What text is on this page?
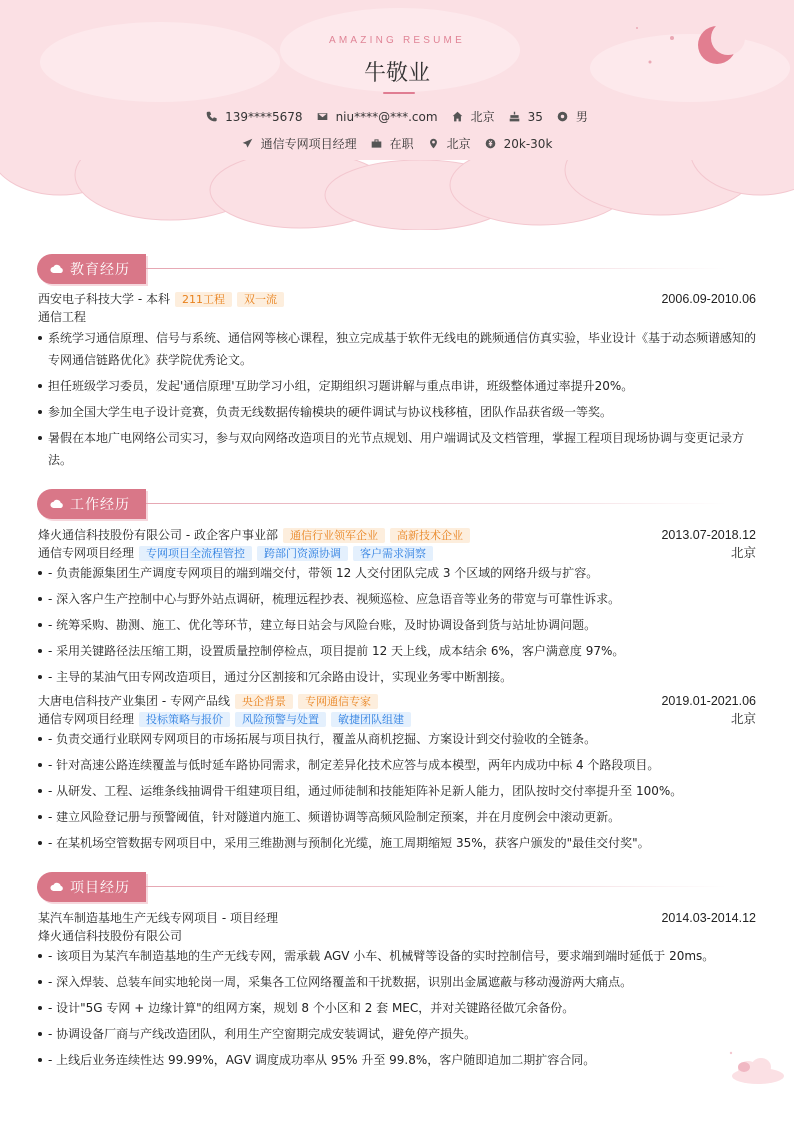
AMAZING RESUME
牛敬业
139****5678	niu****@***.com	北京	35	男
通信专网项目经理	在职	北京	20k-30k
教育经历
西安电子科技大学 - 本科	211工程	双一流	2006.09-2010.06
通信工程
系统学习通信原理、信号与系统、通信网等核心课程，独立完成基于软件无线电的跳频通信仿真实验，毕业设计《基于动态频谱感知的专网通信链路优化》获学院优秀论文。
担任班级学习委员，发起'通信原理'互助学习小组，定期组织习题讲解与重点串讲，班级整体通过率提升20%。
参加全国大学生电子设计竞赛，负责无线数据传输模块的硬件调试与协议栈移植，团队作品获省级一等奖。
暑假在本地广电网络公司实习，参与双向网络改造项目的光节点规划、用户端调试及文档管理，掌握工程项目现场协调与变更记录方法。
工作经历
烽火通信科技股份有限公司 - 政企客户事业部	通信行业领军企业	高新技术企业	2013.07-2018.12
通信专网项目经理	专网项目全流程管控	跨部门资源协调	客户需求洞察	北京
- 负责能源集团生产调度专网项目的端到端交付，带领 12 人交付团队完成 3 个区域的网络升级与扩容。
- 深入客户生产控制中心与野外站点调研，梳理远程抄表、视频巡检、应急语音等业务的带宽与可靠性诉求。
- 统筹采购、勘测、施工、优化等环节，建立每日站会与风险台账，及时协调设备到货与站址协调问题。
- 采用关键路径法压缩工期，设置质量控制停检点，项目提前 12 天上线，成本结余 6%，客户满意度 97%。
- 主导的某油气田专网改造项目，通过分区割接和冗余路由设计，实现业务零中断割接。
大唐电信科技产业集团 - 专网产品线	央企背景	专网通信专家	2019.01-2021.06
通信专网项目经理	投标策略与报价	风险预警与处置	敏捷团队组建	北京
- 负责交通行业联网专网项目的市场拓展与项目执行，覆盖从商机挖掘、方案设计到交付验收的全链条。
- 针对高速公路连续覆盖与低时延车路协同需求，制定差异化技术应答与成本模型，两年内成功中标 4 个路段项目。
- 从研发、工程、运维条线抽调骨干组建项目组，通过师徒制和技能矩阵补足新人能力，团队按时交付率提升至 100%。
- 建立风险登记册与预警阈值，针对隧道内施工、频谱协调等高频风险制定预案，并在月度例会中滚动更新。
- 在某机场空管数据专网项目中，采用三维勘测与预制化光缆，施工周期缩短 35%，获客户颁发的"最佳交付奖"。
项目经历
某汽车制造基地生产无线专网项目 - 项目经理	2014.03-2014.12
烽火通信科技股份有限公司
- 该项目为某汽车制造基地的生产无线专网，需承载 AGV 小车、机械臂等设备的实时控制信号，要求端到端时延低于 20ms。
- 深入焊装、总装车间实地轮岗一周，采集各工位网络覆盖和干扰数据，识别出金属遮蔽与移动漫游两大痛点。
- 设计"5G 专网 + 边缘计算"的组网方案，规划 8 个小区和 2 套 MEC，并对关键路径做冗余备份。
- 协调设备厂商与产线改造团队，利用生产空窗期完成安装调试，避免停产损失。
- 上线后业务连续性达 99.99%，AGV 调度成功率从 95% 升至 99.8%，客户随即追加二期扩容合同。
